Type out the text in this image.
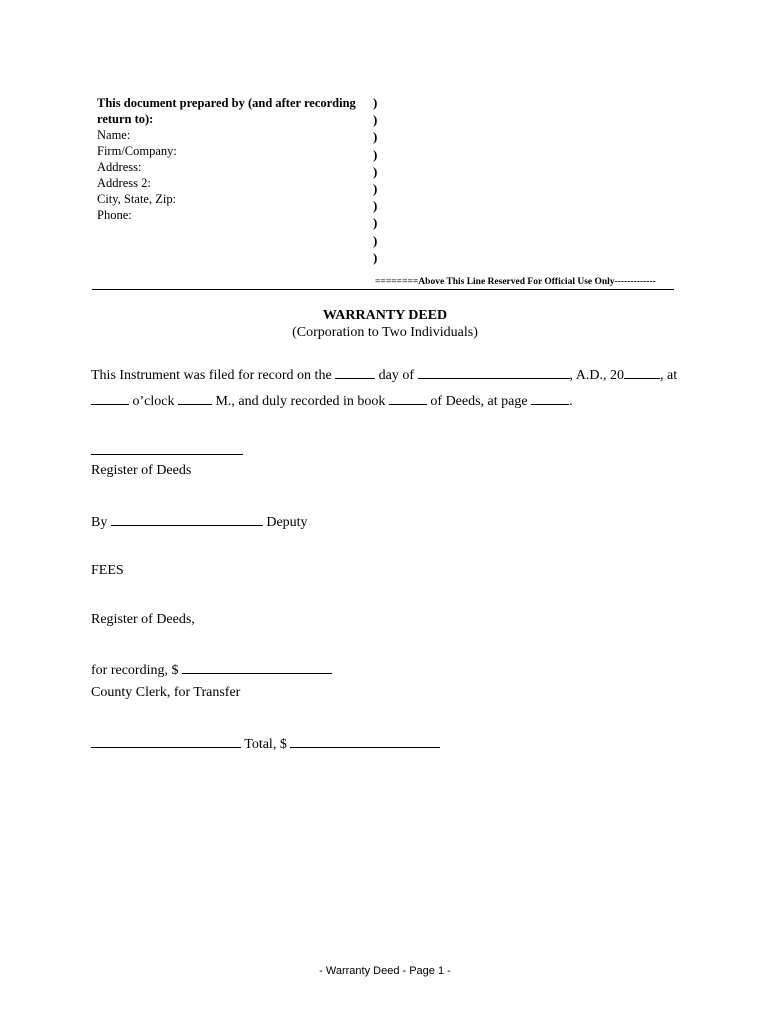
This document prepared by (and after recording
return to):
Name:
Firm/Company:
Address:
Address 2:
City, State, Zip:
Phone:
)
)
)
)
)
)
)
)
)
)
========Above This Line Reserved For Official Use Only-------------
WARRANTY DEED
(Corporation to Two Individuals)
This Instrument was filed for record on the	day of	, A.D., 20	, at
o’clock	M., and duly recorded in book	of Deeds, at page	.
Register of Deeds
By	Deputy
FEES
Register of Deeds,
for recording, $
County Clerk, for Transfer
Total, $
- Warranty Deed - Page 1 -
